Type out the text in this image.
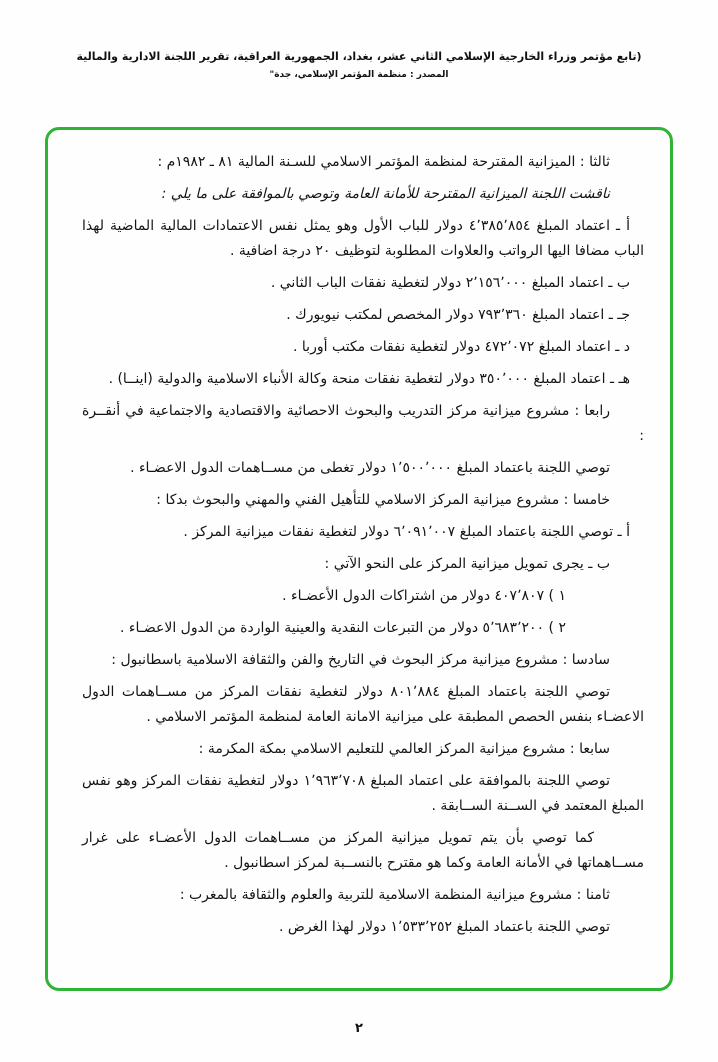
(تابع مؤتمر وزراء الخارجية الإسلامي الثاني عشر، بغداد، الجمهورية العراقية، تقرير اللجنة الادارية والمالية
المصدر : منظمة المؤتمر الإسلامي، جدة"

ثالثا : الميزانية المقترحة لمنظمة المؤتمر الاسلامي للسـنة المالية ٨١ ـ ١٩٨٢م :

ناقشت اللجنة الميزانية المقترحة للأمانة العامة وتوصي بالموافقة على ما يلي :

أ ـ اعتماد المبلغ ٤٬٣٨٥٬٨٥٤ دولار للباب الأول وهو يمثل نفس الاعتمادات المالية الماضية لهذا الباب مضافا اليها الرواتب والعلاوات المطلوبة لتوظيف ٢٠ درجة اضافية .

ب ـ اعتماد المبلغ ٢٬١٥٦٬٠٠٠ دولار لتغطية نفقات الباب الثاني .

جـ ـ اعتماد المبلغ ٧٩٣٬٣٦٠ دولار المخصص لمكتب نيويورك .

د ـ اعتماد المبلغ ٤٧٢٬٠٧٢ دولار لتغطية نفقات مكتب أوربا .

هـ ـ اعتماد المبلغ ٣٥٠٬٠٠٠ دولار لتغطية نفقات منحة وكالة الأنباء الاسلامية والدولية (اينــا) .

رابعا : مشروع ميزانية مركز التدريب والبحوث الاحصائية والاقتصادية والاجتماعية في أنقــرة :

توصي اللجنة باعتماد المبلغ ١٬٥٠٠٬٠٠٠ دولار تغطى من مســاهمات الدول الاعضـاء .

خامسا : مشروع ميزانية المركز الاسلامي للتأهيل الفني والمهني والبحوث بدكا :

أ ـ توصي اللجنة باعتماد المبلغ ٦٬٠٩١٬٠٠٧ دولار لتغطية نفقات ميزانية المركز .

ب ـ يجرى تمويل ميزانية المركز على النحو الآتي :

١ ) ٤٠٧٬٨٠٧ دولار من اشتراكات الدول الأعضـاء .

٢ ) ٥٬٦٨٣٬٢٠٠ دولار من التبرعات النقدية والعينية الواردة من الدول الاعضـاء .

سادسا : مشروع ميزانية مركز البحوث في التاريخ والفن والثقافة الاسلامية باسطانبول :

توصي اللجنة باعتماد المبلغ ٨٠١٬٨٨٤ دولار لتغطية نفقات المركز من مســاهمات الدول الاعضـاء بنفس الحصص المطبقة على ميزانية الامانة العامة لمنظمة المؤتمر الاسلامي .

سابعا : مشروع ميزانية المركز العالمي للتعليم الاسلامي بمكة المكرمة :

توصي اللجنة بالموافقة على اعتماد المبلغ ١٬٩٦٣٬٧٠٨ دولار لتغطية نفقات المركز وهو نفس المبلغ المعتمد في الســنة الســابقة .

كما توصي بأن يتم تمويل ميزانية المركز من مســاهمات الدول الأعضـاء على غرار مســاهماتها في الأمانة العامة وكما هو مقترح بالنســبة لمركز اسطانبول .

ثامنا : مشروع ميزانية المنظمة الاسلامية للتربية والعلوم والثقافة بالمغرب :

توصي اللجنة باعتماد المبلغ ١٬٥٣٣٬٢٥٢ دولار لهذا الغرض .

٢
